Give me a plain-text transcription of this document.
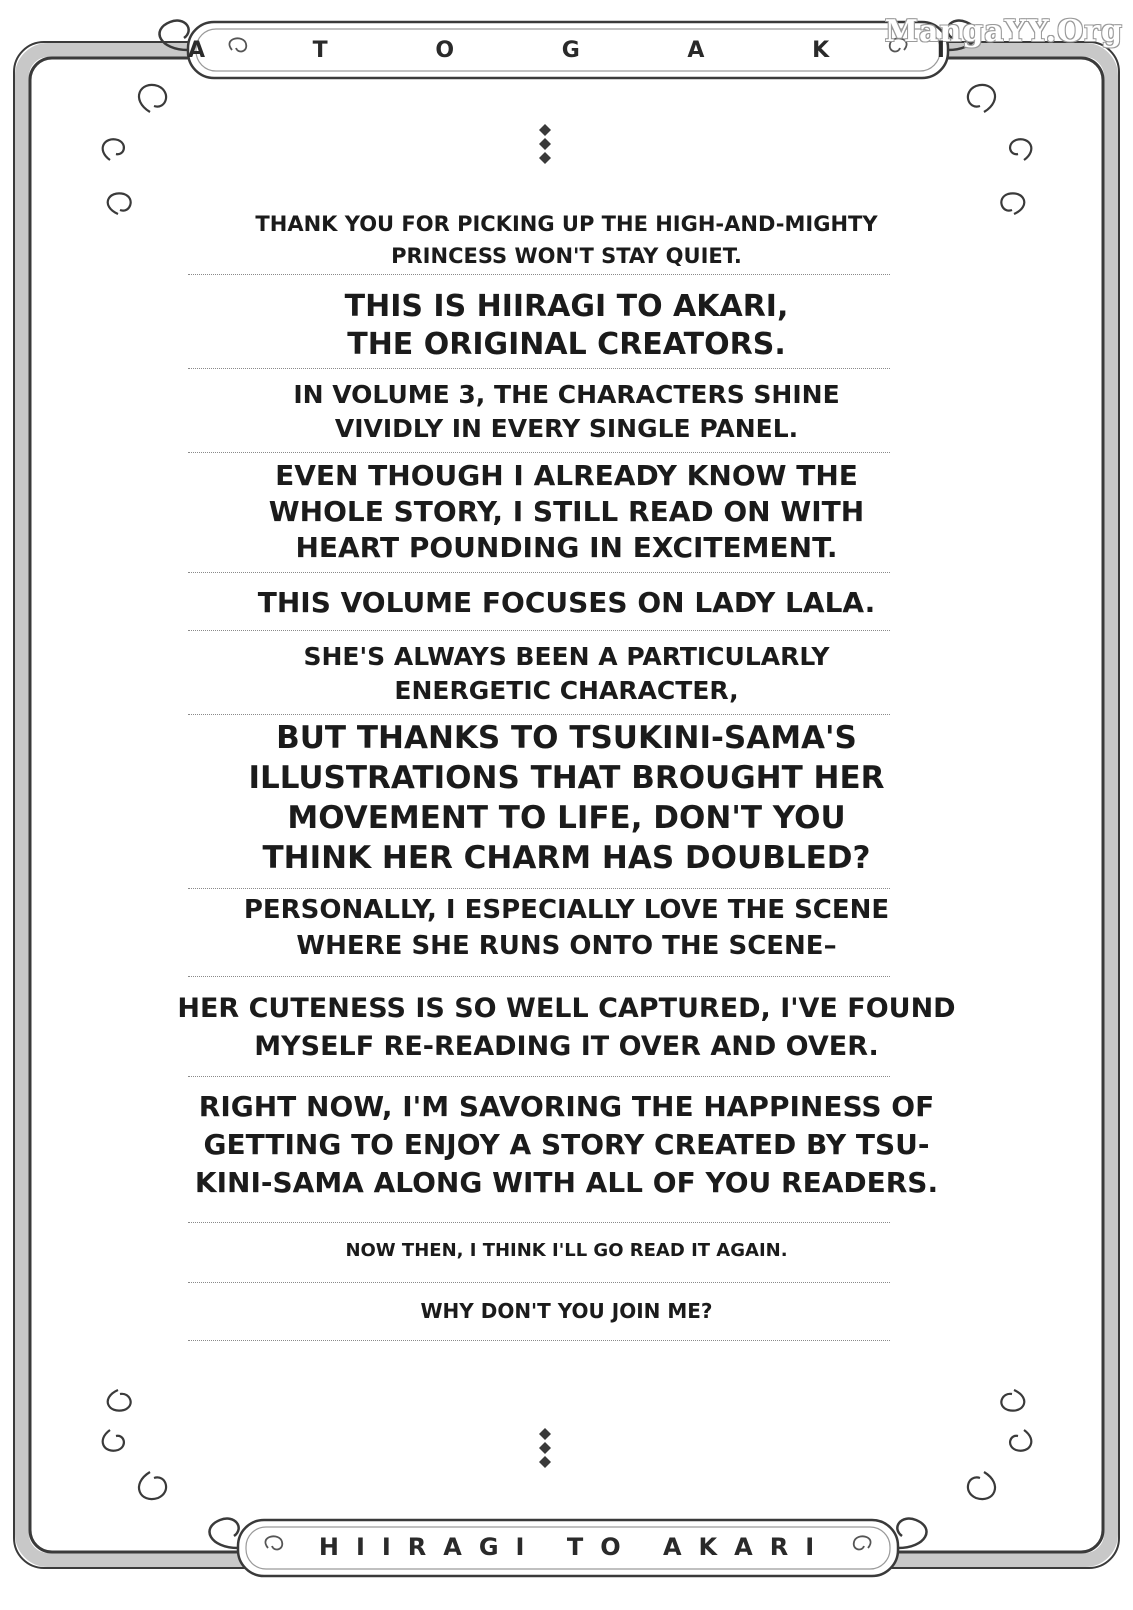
MangaYY.Org
A T O G A K I
HIIRAGI TO AKARI

THANK YOU FOR PICKING UP THE HIGH-AND-MIGHTY
PRINCESS WON'T STAY QUIET.

THIS IS HIIRAGI TO AKARI,
THE ORIGINAL CREATORS.

IN VOLUME 3, THE CHARACTERS SHINE
VIVIDLY IN EVERY SINGLE PANEL.

EVEN THOUGH I ALREADY KNOW THE
WHOLE STORY, I STILL READ ON WITH
HEART POUNDING IN EXCITEMENT.

THIS VOLUME FOCUSES ON LADY LALA.

SHE'S ALWAYS BEEN A PARTICULARLY
ENERGETIC CHARACTER,

BUT THANKS TO TSUKINI-SAMA'S
ILLUSTRATIONS THAT BROUGHT HER
MOVEMENT TO LIFE, DON'T YOU
THINK HER CHARM HAS DOUBLED?

PERSONALLY, I ESPECIALLY LOVE THE SCENE
WHERE SHE RUNS ONTO THE SCENE–

HER CUTENESS IS SO WELL CAPTURED, I'VE FOUND
MYSELF RE-READING IT OVER AND OVER.

RIGHT NOW, I'M SAVORING THE HAPPINESS OF
GETTING TO ENJOY A STORY CREATED BY TSU-
KINI-SAMA ALONG WITH ALL OF YOU READERS.

NOW THEN, I THINK I'LL GO READ IT AGAIN.

WHY DON'T YOU JOIN ME?
